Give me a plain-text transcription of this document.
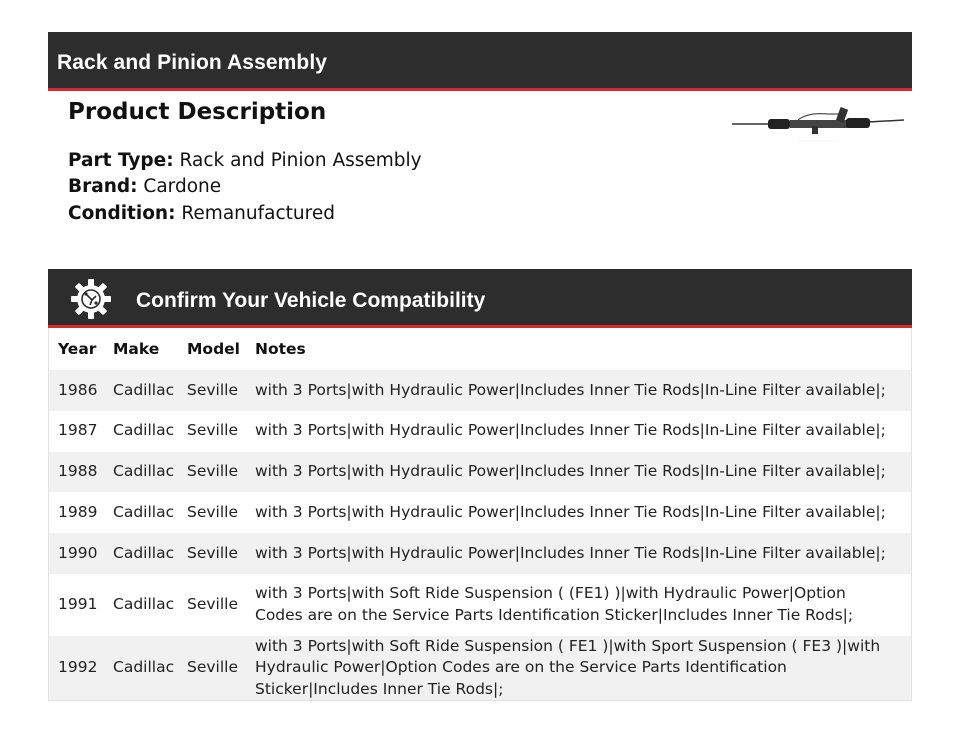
Rack and Pinion Assembly
Product Description
Part Type: Rack and Pinion Assembly
Brand: Cardone
Condition: Remanufactured
· · · · · · · · · · · · · · · · · · · · · ·
Confirm Your Vehicle Compatibility
Year	Make	Model	Notes
1986	Cadillac	Seville	with 3 Ports|with Hydraulic Power|Includes Inner Tie Rods|In-Line Filter available|;
1987	Cadillac	Seville	with 3 Ports|with Hydraulic Power|Includes Inner Tie Rods|In-Line Filter available|;
1988	Cadillac	Seville	with 3 Ports|with Hydraulic Power|Includes Inner Tie Rods|In-Line Filter available|;
1989	Cadillac	Seville	with 3 Ports|with Hydraulic Power|Includes Inner Tie Rods|In-Line Filter available|;
1990	Cadillac	Seville	with 3 Ports|with Hydraulic Power|Includes Inner Tie Rods|In-Line Filter available|;
1991	Cadillac	Seville	with 3 Ports|with Soft Ride Suspension ( (FE1) )|with Hydraulic Power|Option Codes are on the Service Parts Identification Sticker|Includes Inner Tie Rods|;
1992	Cadillac	Seville	with 3 Ports|with Soft Ride Suspension ( FE1 )|with Sport Suspension ( FE3 )|with Hydraulic Power|Option Codes are on the Service Parts Identification Sticker|Includes Inner Tie Rods|;
